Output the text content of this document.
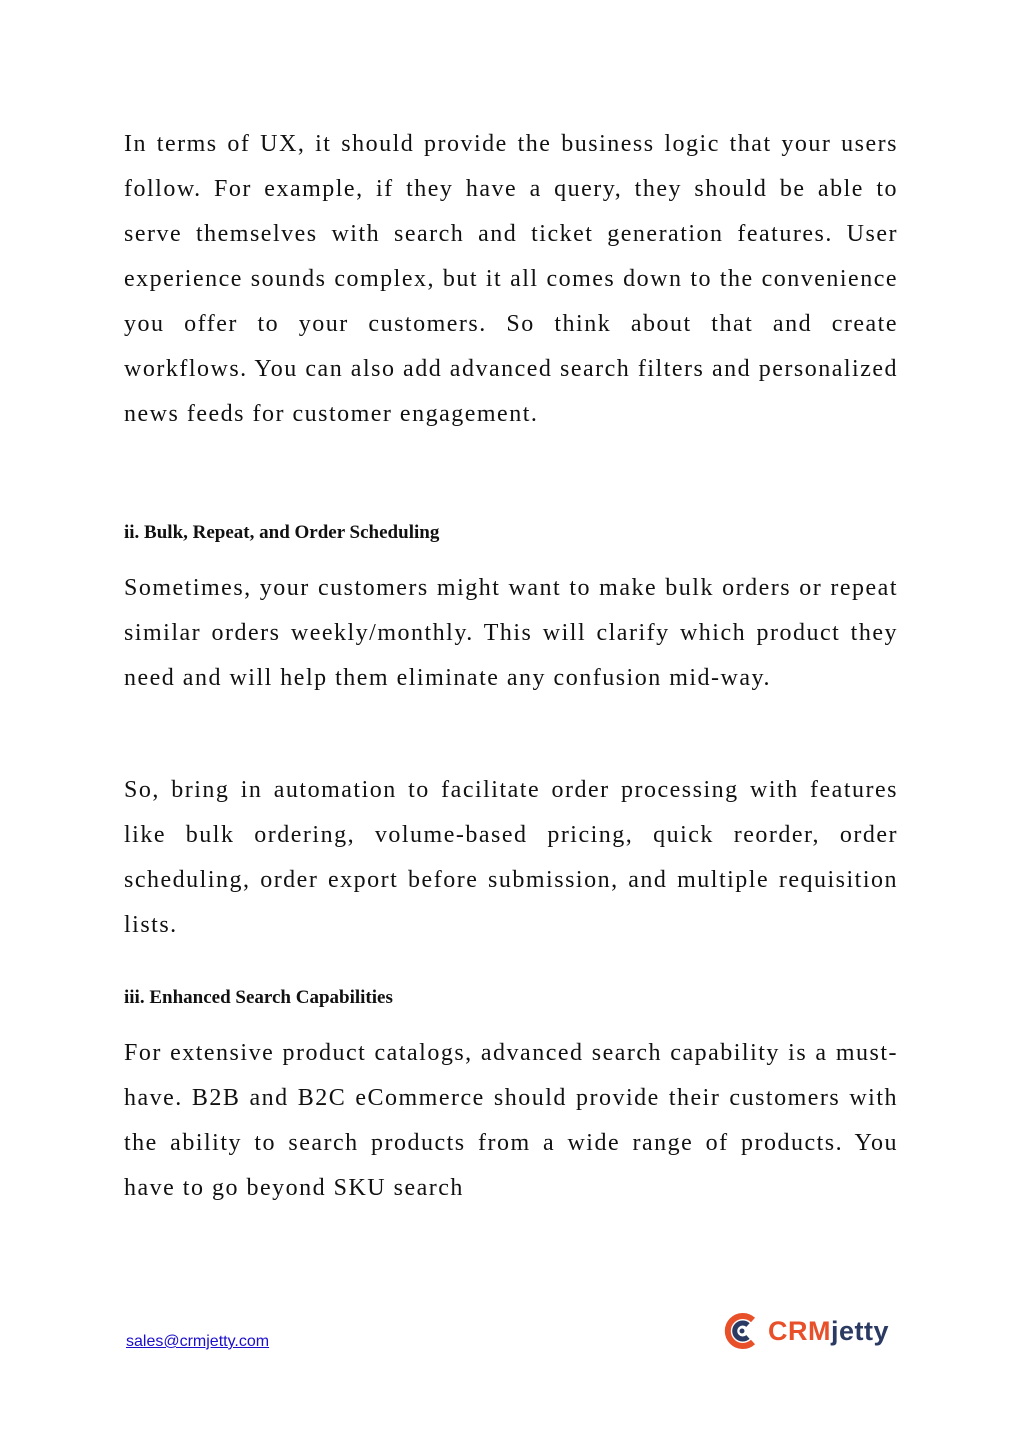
In terms of UX, it should provide the business logic that your users follow. For example, if they have a query, they should be able to serve themselves with search and ticket generation features. User experience sounds complex, but it all comes down to the convenience you offer to your customers. So think about that and create workflows. You can also add advanced search filters and personalized news feeds for customer engagement.

ii. Bulk, Repeat, and Order Scheduling

Sometimes, your customers might want to make bulk orders or repeat similar orders weekly/monthly. This will clarify which product they need and will help them eliminate any confusion mid-way.

So, bring in automation to facilitate order processing with features like bulk ordering, volume-based pricing, quick reorder, order scheduling, order export before submission, and multiple requisition lists.

iii. Enhanced Search Capabilities

For extensive product catalogs, advanced search capability is a must-have. B2B and B2C eCommerce should provide their customers with the ability to search products from a wide range of products. You have to go beyond SKU search

sales@crmjetty.com	CRMjetty
